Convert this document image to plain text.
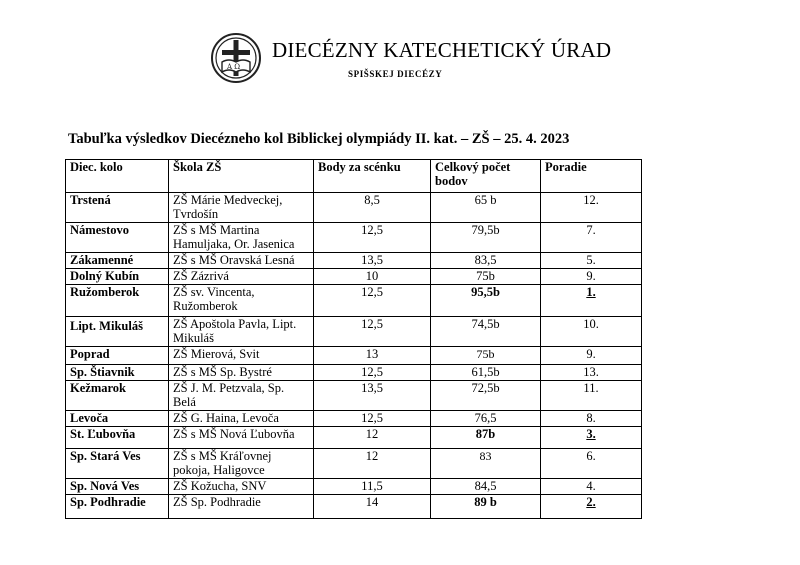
A Ω
DIECÉZNY KATECHETICKÝ ÚRAD
SPIŠSKEJ DIECÉZY
Tabuľka výsledkov Diecézneho kol Biblickej olympiády II. kat. – ZŠ – 25. 4. 2023
Diec. kolo	Škola ZŠ	Body za scénku	Celkový počet bodov	Poradie
Trstená	ZŠ Márie Medveckej, Tvrdošín	8,5	65 b	12.
Námestovo	ZŠ s MŠ Martina Hamuljaka, Or. Jasenica	12,5	79,5b	7.
Zákamenné	ZŠ s MŠ Oravská Lesná	13,5	83,5	5.
Dolný Kubín	ZŠ Zázrivá	10	75b	9.
Ružomberok	ZŠ sv. Vincenta, Ružomberok	12,5	95,5b	1.
Lipt. Mikuláš	ZŠ Apoštola Pavla, Lipt. Mikuláš	12,5	74,5b	10.
Poprad	ZŠ Mierová, Svit	13	75b	9.
Sp. Štiavnik	ZŠ s MŠ Sp. Bystré	12,5	61,5b	13.
Kežmarok	ZŠ J. M. Petzvala, Sp. Belá	13,5	72,5b	11.
Levoča	ZŠ G. Haina, Levoča	12,5	76,5	8.
St. Ľubovňa	ZŠ s MŠ Nová Ľubovňa	12	87b	3.
Sp. Stará Ves	ZŠ s MŠ Kráľovnej pokoja, Haligovce	12	83	6.
Sp. Nová Ves	ZŠ Kožucha, SNV	11,5	84,5	4.
Sp. Podhradie	ZŠ Sp. Podhradie	14	89 b	2.
